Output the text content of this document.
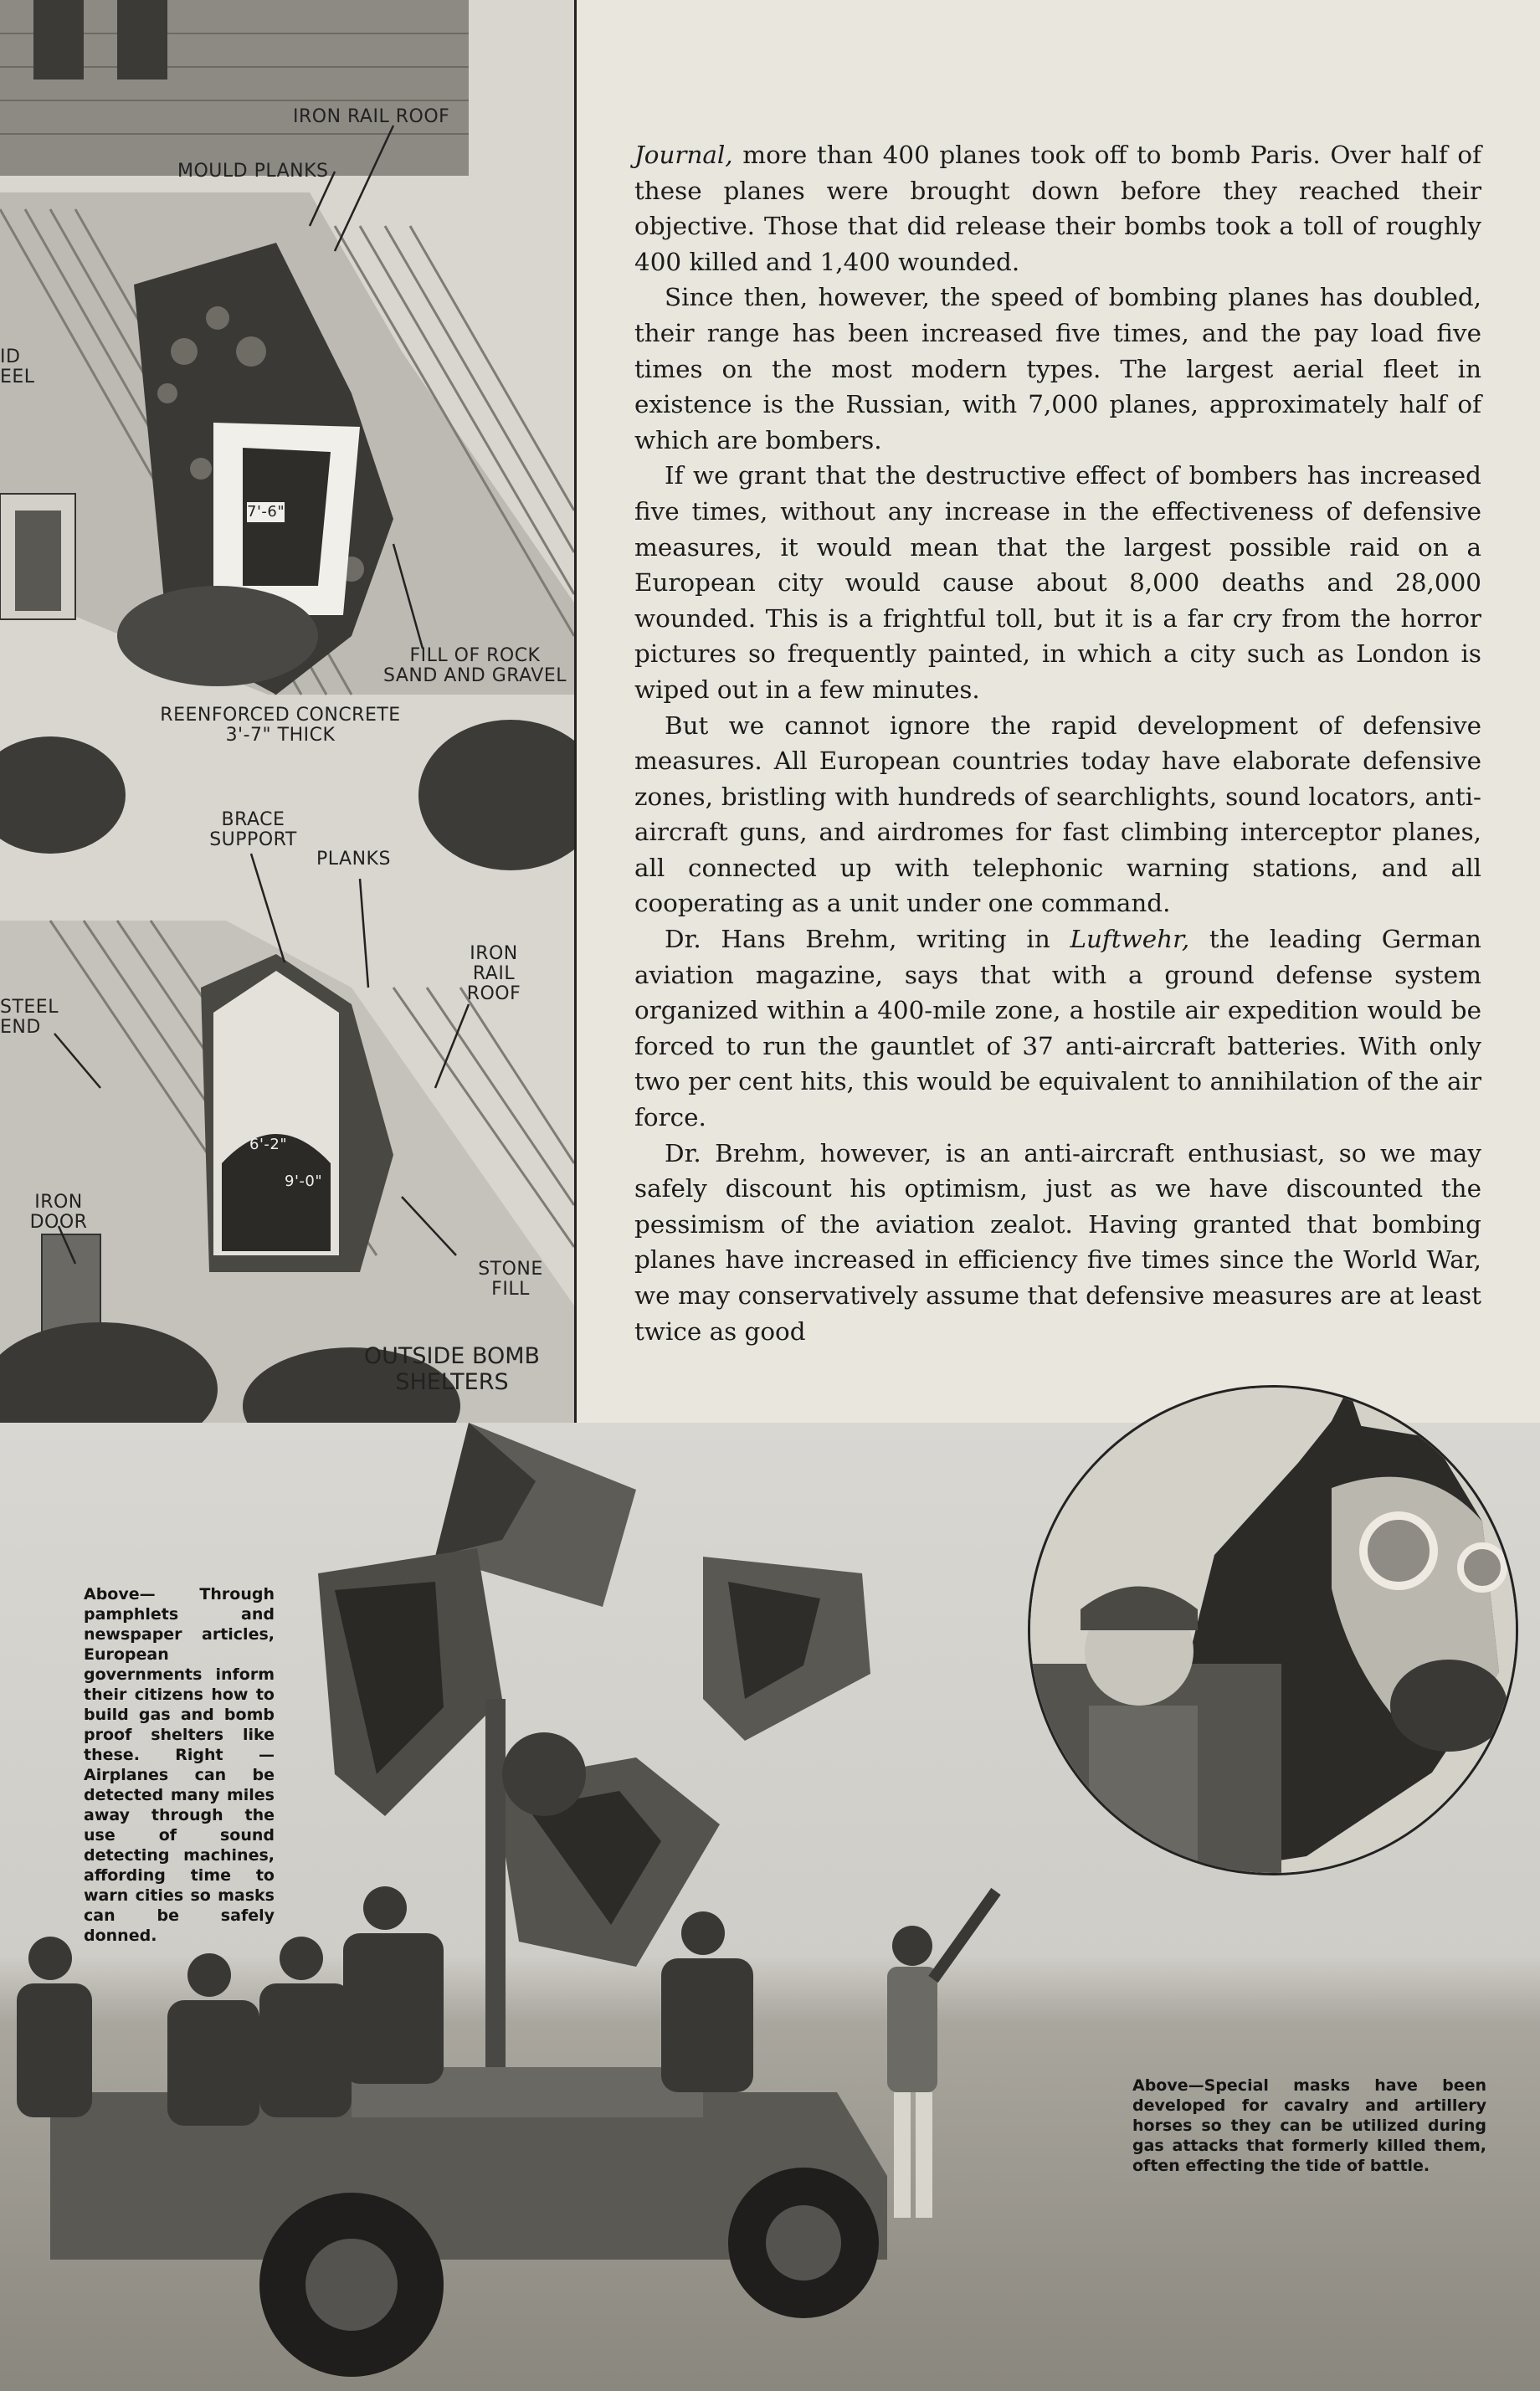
IRON RAIL ROOF
MOULD PLANKS
ID
EEL
7'-6"
FILL OF ROCK SAND AND GRAVEL
REENFORCED CONCRETE 3'-7" THICK
BRACE SUPPORT
PLANKS
IRON RAIL ROOF
STEEL END
6'-2"
9'-0"
IRON DOOR
STONE FILL
OUTSIDE BOMB SHELTERS

Journal, more than 400 planes took off to bomb Paris. Over half of these planes were brought down before they reached their objective. Those that did release their bombs took a toll of roughly 400 killed and 1,400 wounded.

Since then, however, the speed of bombing planes has doubled, their range has been increased five times, and the pay load five times on the most modern types. The largest aerial fleet in existence is the Russian, with 7,000 planes, approximately half of which are bombers.

If we grant that the destructive effect of bombers has increased five times, without any increase in the effectiveness of defensive measures, it would mean that the largest possible raid on a European city would cause about 8,000 deaths and 28,000 wounded. This is a frightful toll, but it is a far cry from the horror pictures so frequently painted, in which a city such as London is wiped out in a few minutes.

But we cannot ignore the rapid development of defensive measures. All European countries today have elaborate defensive zones, bristling with hundreds of searchlights, sound locators, anti-aircraft guns, and airdromes for fast climbing interceptor planes, all connected up with telephonic warning stations, and all cooperating as a unit under one command.

Dr. Hans Brehm, writing in Luftwehr, the leading German aviation magazine, says that with a ground defense system organized within a 400-mile zone, a hostile air expedition would be forced to run the gauntlet of 37 anti-aircraft batteries. With only two per cent hits, this would be equivalent to annihilation of the air force.

Dr. Brehm, however, is an anti-aircraft enthusiast, so we may safely discount his optimism, just as we have discounted the pessimism of the aviation zealot. Having granted that bombing planes have increased in efficiency five times since the World War, we may conservatively assume that defensive measures are at least twice as good

Above— Through pamphlets and newspaper articles, European governments inform their citizens how to build gas and bomb proof shelters like these. Right —Airplanes can be detected many miles away through the use of sound detecting machines, affording time to warn cities so masks can be safely donned.
Above—Special masks have been developed for cavalry and artillery horses so they can be utilized during gas attacks that formerly killed them, often effecting the tide of battle.
